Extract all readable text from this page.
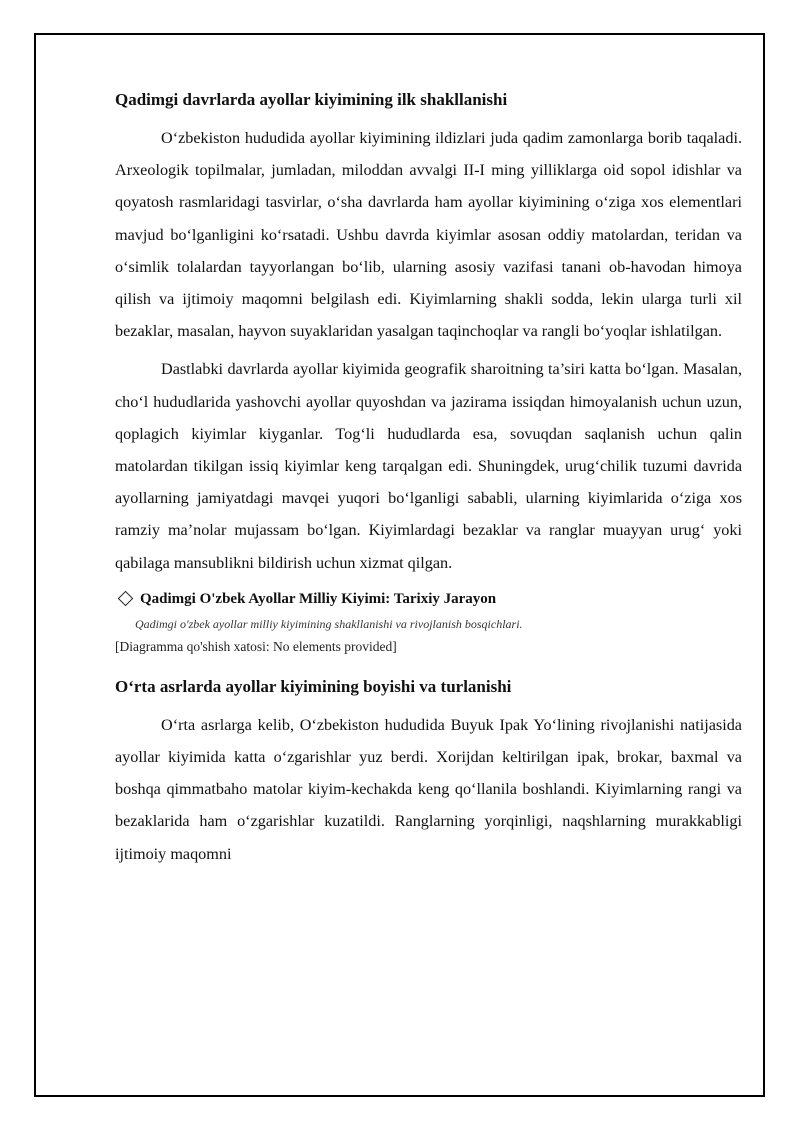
Qadimgi davrlarda ayollar kiyimining ilk shakllanishi

O‘zbekiston hududida ayollar kiyimining ildizlari juda qadim zamonlarga borib taqaladi. Arxeologik topilmalar, jumladan, miloddan avvalgi II-I ming yilliklarga oid sopol idishlar va qoyatosh rasmlaridagi tasvirlar, o‘sha davrlarda ham ayollar kiyimining o‘ziga xos elementlari mavjud bo‘lganligini ko‘rsatadi. Ushbu davrda kiyimlar asosan oddiy matolardan, teridan va o‘simlik tolalardan tayyorlangan bo‘lib, ularning asosiy vazifasi tanani ob-havodan himoya qilish va ijtimoiy maqomni belgilash edi. Kiyimlarning shakli sodda, lekin ularga turli xil bezaklar, masalan, hayvon suyaklaridan yasalgan taqinchoqlar va rangli bo‘yoqlar ishlatilgan.

Dastlabki davrlarda ayollar kiyimida geografik sharoitning ta’siri katta bo‘lgan. Masalan, cho‘l hududlarida yashovchi ayollar quyoshdan va jazirama issiqdan himoyalanish uchun uzun, qoplagich kiyimlar kiyganlar. Tog‘li hududlarda esa, sovuqdan saqlanish uchun qalin matolardan tikilgan issiq kiyimlar keng tarqalgan edi. Shuningdek, urug‘chilik tuzumi davrida ayollarning jamiyatdagi mavqei yuqori bo‘lganligi sababli, ularning kiyimlarida o‘ziga xos ramziy ma’nolar mujassam bo‘lgan. Kiyimlardagi bezaklar va ranglar muayyan urug‘ yoki qabilaga mansublikni bildirish uchun xizmat qilgan.

Qadimgi O'zbek Ayollar Milliy Kiyimi: Tarixiy Jarayon
Qadimgi o'zbek ayollar milliy kiyimining shakllanishi va rivojlanish bosqichlari.
[Diagramma qo'shish xatosi: No elements provided]
O‘rta asrlarda ayollar kiyimining boyishi va turlanishi

O‘rta asrlarga kelib, O‘zbekiston hududida Buyuk Ipak Yo‘lining rivojlanishi natijasida ayollar kiyimida katta o‘zgarishlar yuz berdi. Xorijdan keltirilgan ipak, brokar, baxmal va boshqa qimmatbaho matolar kiyim-kechakda keng qo‘llanila boshlandi. Kiyimlarning rangi va bezaklarida ham o‘zgarishlar kuzatildi. Ranglarning yorqinligi, naqshlarning murakkabligi ijtimoiy maqomni
